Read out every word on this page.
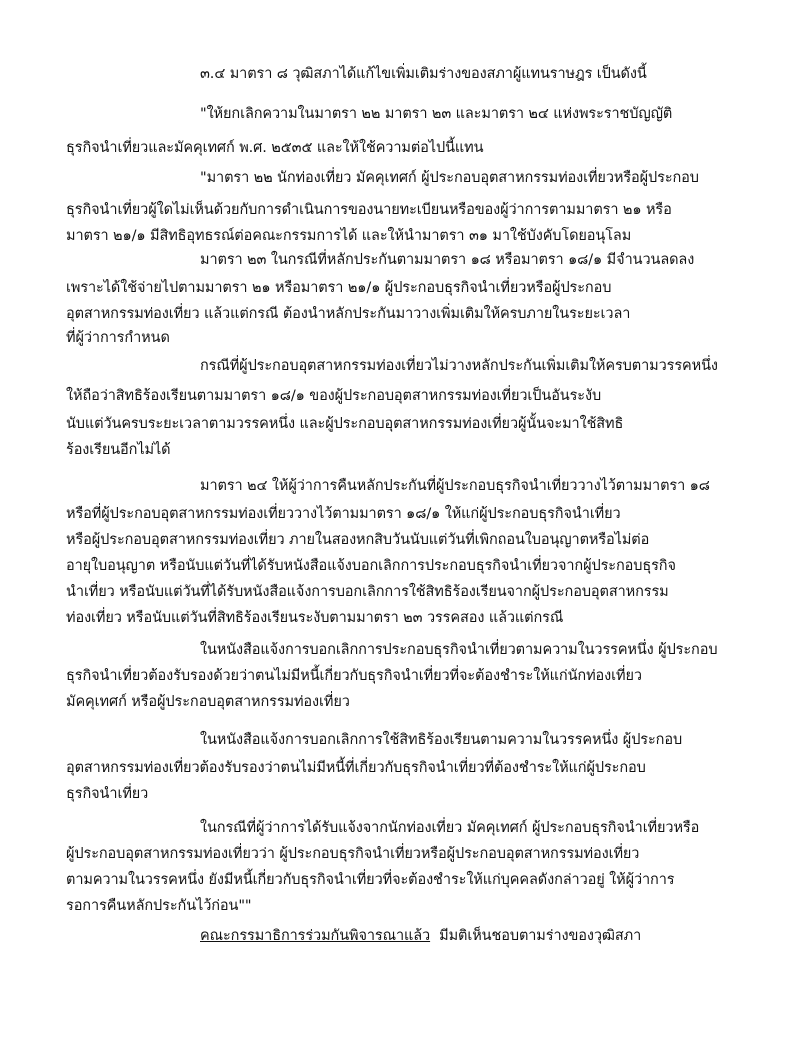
๓.๔ มาตรา ๘ วุฒิสภาได้แก้ไขเพิ่มเติมร่างของสภาผู้แทนราษฎร เป็นดังนี้
"ให้ยกเลิกความในมาตรา ๒๒ มาตรา ๒๓ และมาตรา ๒๔ แห่งพระราชบัญญัติ
ธุรกิจนำเที่ยวและมัคคุเทศก์ พ.ศ. ๒๕๓๕ และให้ใช้ความต่อไปนี้แทน
"มาตรา ๒๒ นักท่องเที่ยว มัคคุเทศก์ ผู้ประกอบอุตสาหกรรมท่องเที่ยวหรือผู้ประกอบ
ธุรกิจนำเที่ยวผู้ใดไม่เห็นด้วยกับการดำเนินการของนายทะเบียนหรือของผู้ว่าการตามมาตรา ๒๑ หรือ
มาตรา ๒๑/๑ มีสิทธิอุทธรณ์ต่อคณะกรรมการได้ และให้นำมาตรา ๓๑ มาใช้บังคับโดยอนุโลม
มาตรา ๒๓ ในกรณีที่หลักประกันตามมาตรา ๑๘ หรือมาตรา ๑๘/๑ มีจำนวนลดลง
เพราะได้ใช้จ่ายไปตามมาตรา ๒๑ หรือมาตรา ๒๑/๑ ผู้ประกอบธุรกิจนำเที่ยวหรือผู้ประกอบ
อุตสาหกรรมท่องเที่ยว แล้วแต่กรณี ต้องนำหลักประกันมาวางเพิ่มเติมให้ครบภายในระยะเวลา
ที่ผู้ว่าการกำหนด
กรณีที่ผู้ประกอบอุตสาหกรรมท่องเที่ยวไม่วางหลักประกันเพิ่มเติมให้ครบตามวรรคหนึ่ง
ให้ถือว่าสิทธิร้องเรียนตามมาตรา ๑๘/๑ ของผู้ประกอบอุตสาหกรรมท่องเที่ยวเป็นอันระงับ
นับแต่วันครบระยะเวลาตามวรรคหนึ่ง และผู้ประกอบอุตสาหกรรมท่องเที่ยวผู้นั้นจะมาใช้สิทธิ
ร้องเรียนอีกไม่ได้
มาตรา ๒๔ ให้ผู้ว่าการคืนหลักประกันที่ผู้ประกอบธุรกิจนำเที่ยววางไว้ตามมาตรา ๑๘
หรือที่ผู้ประกอบอุตสาหกรรมท่องเที่ยววางไว้ตามมาตรา ๑๘/๑ ให้แก่ผู้ประกอบธุรกิจนำเที่ยว
หรือผู้ประกอบอุตสาหกรรมท่องเที่ยว ภายในสองหกสิบวันนับแต่วันที่เพิกถอนใบอนุญาตหรือไม่ต่อ
อายุใบอนุญาต หรือนับแต่วันที่ได้รับหนังสือแจ้งบอกเลิกการประกอบธุรกิจนำเที่ยวจากผู้ประกอบธุรกิจ
นำเที่ยว หรือนับแต่วันที่ได้รับหนังสือแจ้งการบอกเลิกการใช้สิทธิร้องเรียนจากผู้ประกอบอุตสาหกรรม
ท่องเที่ยว หรือนับแต่วันที่สิทธิร้องเรียนระงับตามมาตรา ๒๓ วรรคสอง แล้วแต่กรณี
ในหนังสือแจ้งการบอกเลิกการประกอบธุรกิจนำเที่ยวตามความในวรรคหนึ่ง ผู้ประกอบ
ธุรกิจนำเที่ยวต้องรับรองด้วยว่าตนไม่มีหนี้เกี่ยวกับธุรกิจนำเที่ยวที่จะต้องชำระให้แก่นักท่องเที่ยว
มัคคุเทศก์ หรือผู้ประกอบอุตสาหกรรมท่องเที่ยว
ในหนังสือแจ้งการบอกเลิกการใช้สิทธิร้องเรียนตามความในวรรคหนึ่ง ผู้ประกอบ
อุตสาหกรรมท่องเที่ยวต้องรับรองว่าตนไม่มีหนี้ที่เกี่ยวกับธุรกิจนำเที่ยวที่ต้องชำระให้แก่ผู้ประกอบ
ธุรกิจนำเที่ยว
ในกรณีที่ผู้ว่าการได้รับแจ้งจากนักท่องเที่ยว มัคคุเทศก์ ผู้ประกอบธุรกิจนำเที่ยวหรือ
ผู้ประกอบอุตสาหกรรมท่องเที่ยวว่า ผู้ประกอบธุรกิจนำเที่ยวหรือผู้ประกอบอุตสาหกรรมท่องเที่ยว
ตามความในวรรคหนึ่ง ยังมีหนี้เกี่ยวกับธุรกิจนำเที่ยวที่จะต้องชำระให้แก่บุคคลดังกล่าวอยู่ ให้ผู้ว่าการ
รอการคืนหลักประกันไว้ก่อน""
คณะกรรมาธิการร่วมกันพิจารณาแล้ว มีมติเห็นชอบตามร่างของวุฒิสภา
